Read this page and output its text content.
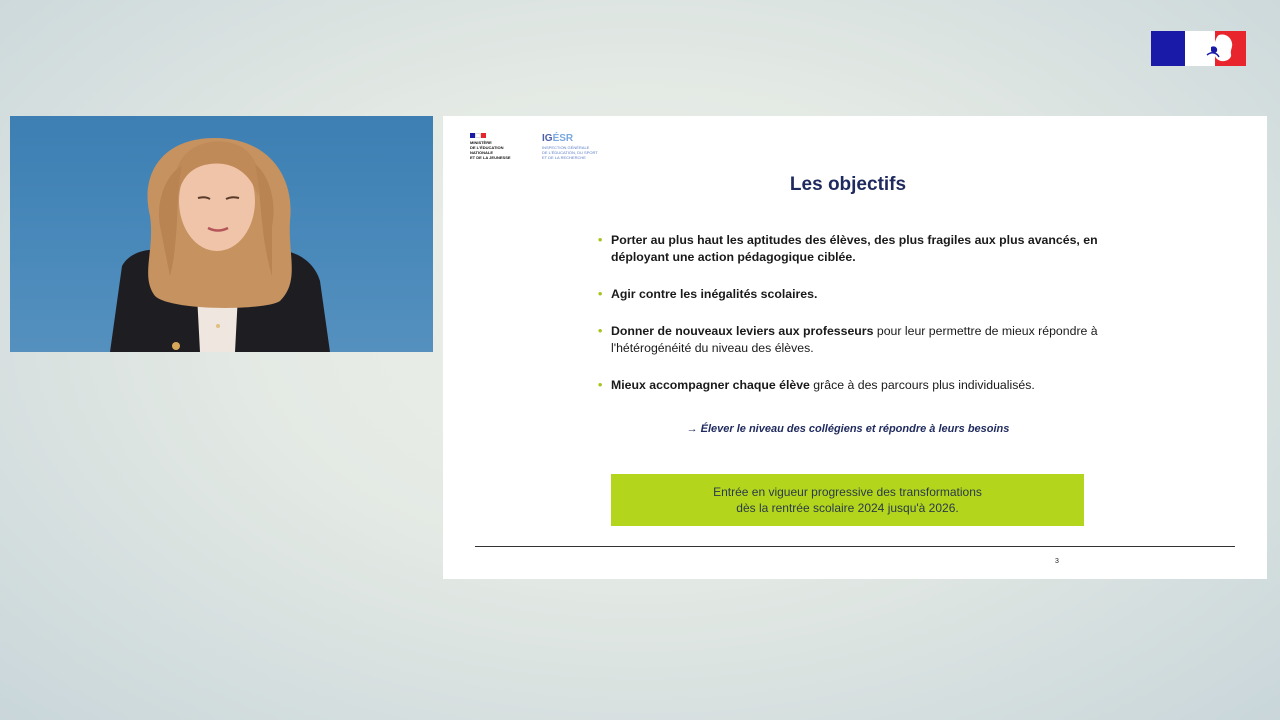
MINISTÈRE
DE L'ÉDUCATION
NATIONALE
ET DE LA JEUNESSE
IGÉSR
INSPECTION GÉNÉRALE
DE L'ÉDUCATION, DU SPORT
ET DE LA RECHERCHE
Les objectifs
• Porter au plus haut les aptitudes des élèves, des plus fragiles aux plus avancés, en déployant une action pédagogique ciblée.
• Agir contre les inégalités scolaires.
• Donner de nouveaux leviers aux professeurs pour leur permettre de mieux répondre à l'hétérogénéité du niveau des élèves.
• Mieux accompagner chaque élève grâce à des parcours plus individualisés.
→ Élever le niveau des collégiens et répondre à leurs besoins
Entrée en vigueur progressive des transformations
dès la rentrée scolaire 2024 jusqu'à 2026.
3
